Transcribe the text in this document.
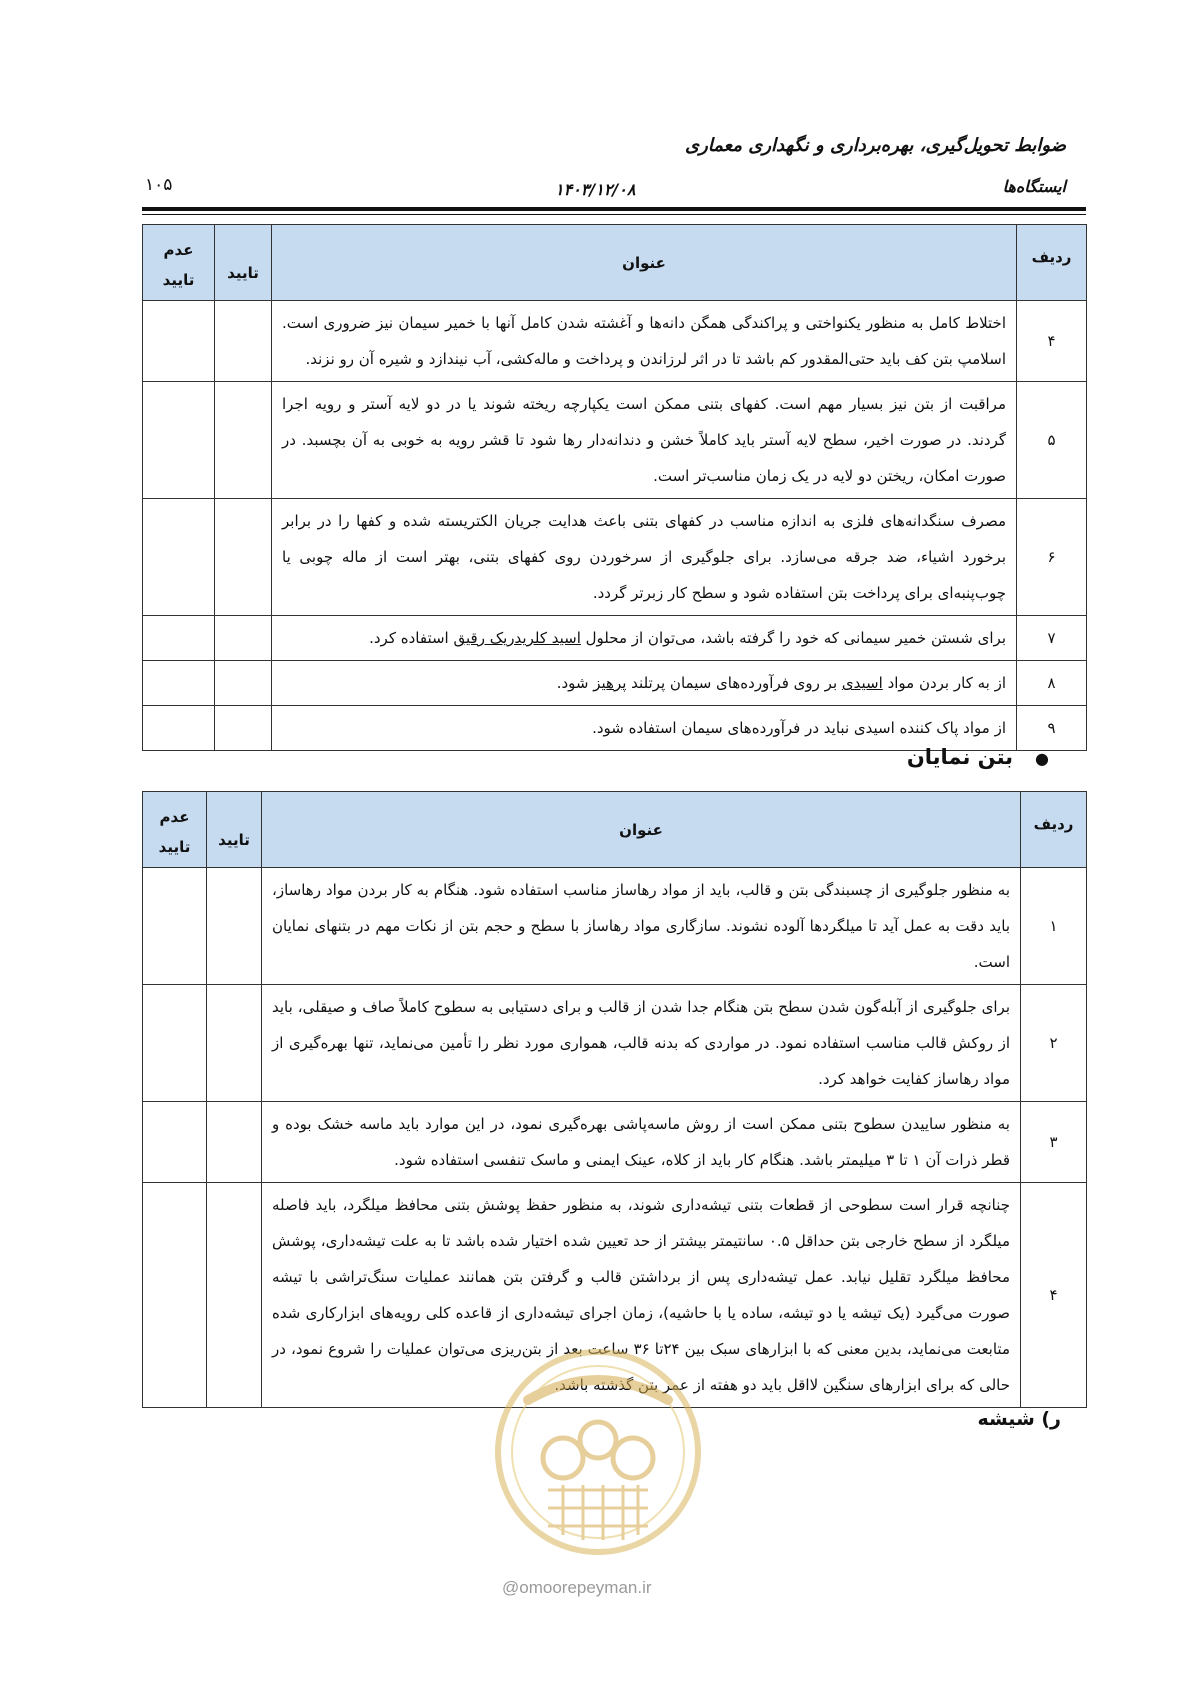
ضوابط تحویل‌گیری، بهره‌برداری و نگهداری معماری
۱۰۵	۱۴۰۳/۱۲/۰۸	ایستگاه‌ها
ردیف	عنوان	تایید	عدم
تایید
۴	اختلاط کامل به منظور یکنواختی و پراکندگی همگن دانه‌ها و آغشته شدن کامل آنها با خمیر سیمان نیز ضروری است. اسلامپ بتن کف باید حتی‌المقدور کم باشد تا در اثر لرزاندن و پرداخت و ماله‌کشی، آب نیندازد و شیره آن رو نزند.		
۵	مراقبت از بتن نیز بسیار مهم است. کفهای بتنی ممکن است یکپارچه ریخته شوند یا در دو لایه آستر و رویه اجرا گردند. در صورت اخیر، سطح لایه آستر باید کاملاً خشن و دندانه‌دار رها شود تا قشر رویه به خوبی به آن بچسبد. در صورت امکان، ریختن دو لایه در یک زمان مناسب‌تر است.		
۶	مصرف سنگدانه‌های فلزی به اندازه مناسب در کفهای بتنی باعث هدایت جریان الکتریسته شده و کفها را در برابر برخورد اشیاء، ضد جرقه می‌سازد. برای جلوگیری از سرخوردن روی کفهای بتنی، بهتر است از ماله چوبی یا چوب‌پنبه‌ای برای پرداخت بتن استفاده شود و سطح کار زبرتر گردد.		
۷	برای شستن خمیر سیمانی که خود را گرفته باشد، می‌توان از محلول اسید کلریدریک رقیق استفاده کرد.		
۸	از به کار بردن مواد اسیدی بر روی فرآورده‌های سیمان پرتلند پرهیز شود.		
۹	از مواد پاک کننده اسیدی نباید در فرآورده‌های سیمان استفاده شود.		
●بتن نمایان
ردیف	عنوان	تایید	عدم
تایید
۱	به منظور جلوگیری از چسبندگی بتن و قالب، باید از مواد رهاساز مناسب استفاده شود. هنگام به کار بردن مواد رهاساز، باید دقت به عمل آید تا میلگردها آلوده نشوند. سازگاری مواد رهاساز با سطح و حجم بتن از نکات مهم در بتنهای نمایان است.		
۲	برای جلوگیری از آبله‌گون شدن سطح بتن هنگام جدا شدن از قالب و برای دستیابی به سطوح کاملاً صاف و صیقلی، باید از روکش قالب مناسب استفاده نمود. در مواردی که بدنه قالب، هموارى مورد نظر را تأمین می‌نماید، تنها بهره‌گیری از مواد رهاساز کفایت خواهد کرد.		
۳	به منظور ساییدن سطوح بتنی ممکن است از روش ماسه‌پاشی بهره‌گیری نمود، در این موارد باید ماسه خشک بوده و قطر ذرات آن ۱ تا ۳ میلیمتر باشد. هنگام کار باید از کلاه، عینک ایمنی و ماسک تنفسی استفاده شود.		
۴	چنانچه قرار است سطوحی از قطعات بتنی تیشه‌داری شوند، به منظور حفظ پوشش بتنی محافظ میلگرد، باید فاصله میلگرد از سطح خارجی بتن حداقل ۰.۵ سانتیمتر بیشتر از حد تعیین شده اختیار شده باشد تا به علت تیشه‌داری، پوشش محافظ میلگرد تقلیل نیابد. عمل تیشه‌داری پس از برداشتن قالب و گرفتن بتن همانند عملیات سنگ‌تراشی با تیشه صورت می‌گیرد (یک تیشه یا دو تیشه، ساده یا با حاشیه)، زمان اجرای تیشه‌داری از قاعده کلی رویه‌های ابزارکاری شده متابعت می‌نماید، بدین معنی که با ابزارهای سبک بین ۲۴تا ۳۶ ساعت بعد از بتن‌ریزی می‌توان عملیات را شروع نمود، در حالی که برای ابزارهای سنگین لااقل باید دو هفته از عمر بتن گذشته باشد.		
ر) شیشه
@omoorepeyman.ir
